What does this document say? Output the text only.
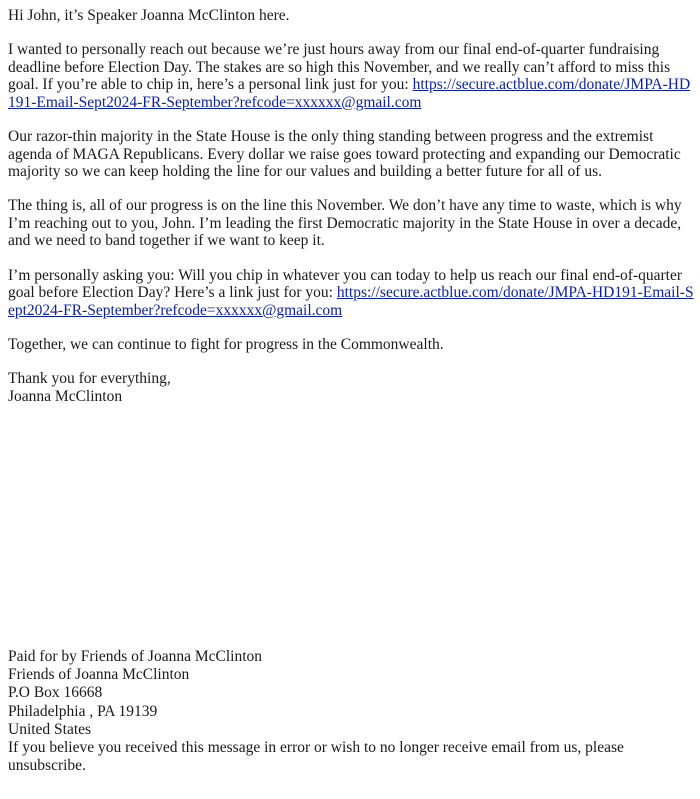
Hi John, it’s Speaker Joanna McClinton here.

I wanted to personally reach out because we’re just hours away from our final end-of-quarter fundraising deadline before Election Day. The stakes are so high this November, and we really can’t afford to miss this goal. If you’re able to chip in, here’s a personal link just for you: https://secure.actblue.com/donate/JMPA-HD191-Email-Sept2024-FR-September?refcode=xxxxxx@gmail.com

Our razor-thin majority in the State House is the only thing standing between progress and the extremist agenda of MAGA Republicans. Every dollar we raise goes toward protecting and expanding our Democratic majority so we can keep holding the line for our values and building a better future for all of us.

The thing is, all of our progress is on the line this November. We don’t have any time to waste, which is why I’m reaching out to you, John. I’m leading the first Democratic majority in the State House in over a decade, and we need to band together if we want to keep it.

I’m personally asking you: Will you chip in whatever you can today to help us reach our final end-of-quarter goal before Election Day? Here’s a link just for you: https://secure.actblue.com/donate/JMPA-HD191-Email-Sept2024-FR-September?refcode=xxxxxx@gmail.com

Together, we can continue to fight for progress in the Commonwealth.

Thank you for everything,
Joanna McClinton
Paid for by Friends of Joanna McClinton
Friends of Joanna McClinton
P.O Box 16668
Philadelphia , PA 19139
United States
If you believe you received this message in error or wish to no longer receive email from us, please unsubscribe.
